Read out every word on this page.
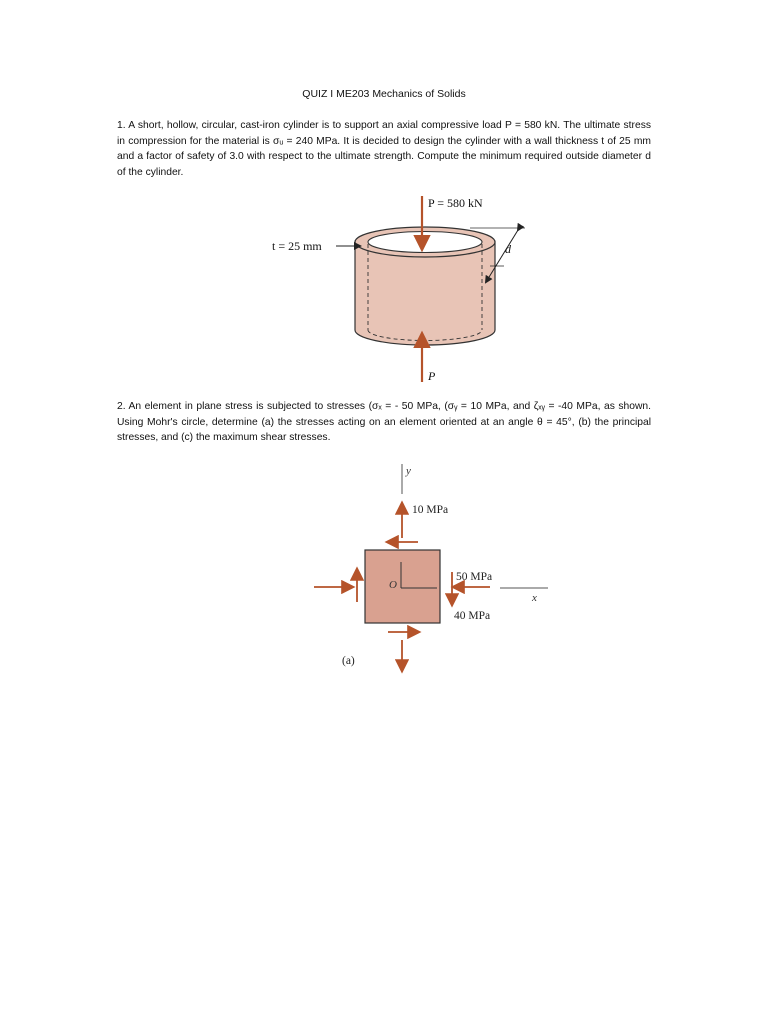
QUIZ I ME203 Mechanics of Solids
1. A short, hollow, circular, cast-iron cylinder is to support an axial compressive load P = 580 kN. The ultimate stress in compression for the material is σᵤ = 240 MPa. It is decided to design the cylinder with a wall thickness t of 25 mm and a factor of safety of 3.0 with respect to the ultimate strength. Compute the minimum required outside diameter d of the cylinder.
P = 580 kN
P
t = 25 mm	d
2. An element in plane stress is subjected to stresses (σₓ = - 50 MPa, (σᵧ = 10 MPa, and ζₓᵧ = -40 MPa, as shown. Using Mohr's circle, determine (a) the stresses acting on an element oriented at an angle θ = 45°, (b) the principal stresses, and (c) the maximum shear stresses.
y
x
O
10 MPa
50 MPa
40 MPa
(a)
